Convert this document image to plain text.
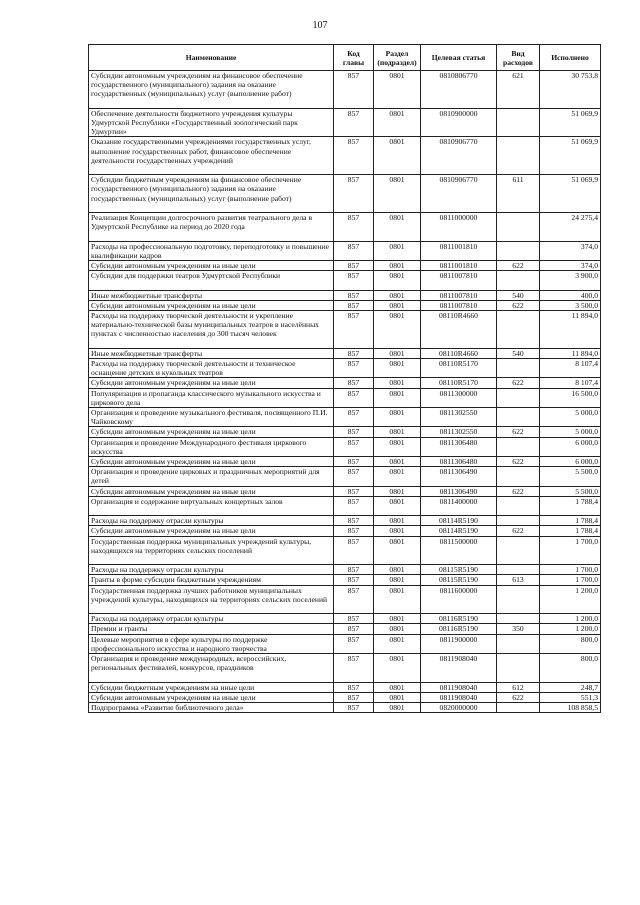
107
Наименование	Код главы	Раздел (подраздел)	Целевая статья	Вид расходов	Исполнено
Субсидии автономным учреждениям на финансовое обеспечение государственного (муниципального) задания на оказание государственных (муниципальных) услуг (выполнение работ)	857	0801	0810806770	621	30 753,8
Обеспечение деятельности бюджетного учреждения культуры Удмуртской Республики «Государственный зоологический парк Удмуртии»	857	0801	0810900000		51 069,9
Оказание государственными учреждениями государственных услуг, выполнение государственных работ, финансовое обеспечение деятельности государственных учреждений	857	0801	0810906770		51 069,9
Субсидии бюджетным учреждениям на финансовое обеспечение государственного (муниципального) задания на оказание государственных (муниципальных) услуг (выполнение работ)	857	0801	0810906770	611	51 069,9
Реализация Концепции долгосрочного развития театрального дела в Удмуртской Республике на период до 2020 года	857	0801	0811000000		24 275,4
Расходы на профессиональную подготовку, переподготовку и повышение квалификации кадров	857	0801	0811001810		374,0
Субсидии автономным учреждениям на иные цели	857	0801	0811001810	622	374,0
Субсидии для поддержки театров Удмуртской Республики	857	0801	0811007810		3 900,0
Иные межбюджетные трансферты	857	0801	0811007810	540	400,0
Субсидии автономным учреждениям на иные цели	857	0801	0811007810	622	3 500,0
Расходы на поддержку творческой деятельности и укрепление материально-технической базы муниципальных театров в населённых пунктах с численностью населения до 300 тысяч человек	857	0801	08110R4660		11 894,0
Иные межбюджетные трансферты	857	0801	08110R4660	540	11 894,0
Расходы на поддержку творческой деятельности и техническое оснащение детских и кукольных театров	857	0801	08110R5170		8 107,4
Субсидии автономным учреждениям на иные цели	857	0801	08110R5170	622	8 107,4
Популяризация и пропаганда классического музыкального искусства и циркового дела	857	0801	0811300000		16 500,0
Организация и проведение музыкального фестиваля, посвященного П.И. Чайковскому	857	0801	0811302550		5 000,0
Субсидии автономным учреждениям на иные цели	857	0801	0811302550	622	5 000,0
Организация и проведение Международного фестиваля циркового искусства	857	0801	0811306480		6 000,0
Субсидии автономным учреждениям на иные цели	857	0801	0811306480	622	6 000,0
Организация и проведение цирковых и праздничных мероприятий для детей	857	0801	0811306490		5 500,0
Субсидии автономным учреждениям на иные цели	857	0801	0811306490	622	5 500,0
Организация и содержание виртуальных концертных залов	857	0801	0811400000		1 788,4
Расходы на поддержку отрасли культуры	857	0801	08114R5190		1 788,4
Субсидии автономным учреждениям на иные цели	857	0801	08114R5190	622	1 788,4
Государственная поддержка муниципальных учреждений культуры, находящихся на территориях сельских поселений	857	0801	0811500000		1 700,0
Расходы на поддержку отрасли культуры	857	0801	08115R5190		1 700,0
Гранты в форме субсидии бюджетным учреждениям	857	0801	08115R5190	613	1 700,0
Государственная поддержка лучших работников муниципальных учреждений культуры, находящихся на территориях сельских поселений	857	0801	0811600000		1 200,0
Расходы на поддержку отрасли культуры	857	0801	08116R5190		1 200,0
Премии и гранты	857	0801	08116R5190	350	1 200,0
Целевые мероприятия в сфере культуры по поддержке профессионального искусства и народного творчества	857	0801	0811900000		800,0
Организация и проведение международных, всероссийских, региональных фестивалей, конкурсов, праздников	857	0801	0811908040		800,0
Субсидии бюджетным учреждениям на иные цели	857	0801	0811908040	612	248,7
Субсидии автономным учреждениям на иные цели	857	0801	0811908040	622	551,3
Подпрограмма «Развитие библиотечного дела»	857	0801	0820000000		108 858,5
